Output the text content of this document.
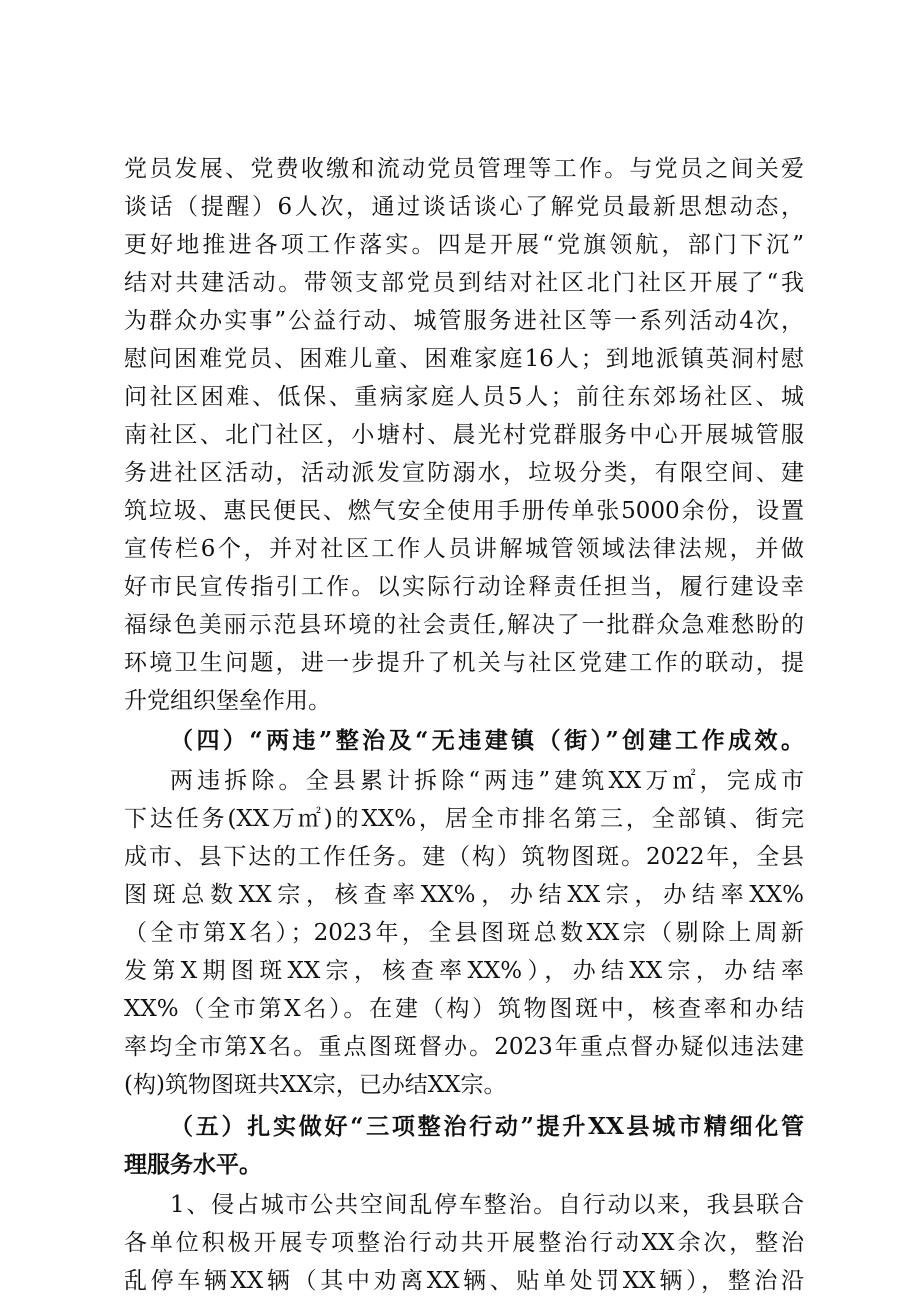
党员发展、党费收缴和流动党员管理等工作。与党员之间关爱
谈话（提醒）6人次，通过谈话谈心了解党员最新思想动态，
更好地推进各项工作落实。四是开展“党旗领航，部门下沉”
结对共建活动。带领支部党员到结对社区北门社区开展了“我
为群众办实事”公益行动、城管服务进社区等一系列活动4次，
慰问困难党员、困难儿童、困难家庭16人；到地派镇英洞村慰
问社区困难、低保、重病家庭人员5人；前往东郊场社区、城
南社区、北门社区，小塘村、晨光村党群服务中心开展城管服
务进社区活动，活动派发宣防溺水，垃圾分类，有限空间、建
筑垃圾、惠民便民、燃气安全使用手册传单张5000余份，设置
宣传栏6个，并对社区工作人员讲解城管领域法律法规，并做
好市民宣传指引工作。以实际行动诠释责任担当，履行建设幸
福绿色美丽示范县环境的社会责任,解决了一批群众急难愁盼的
环境卫生问题，进一步提升了机关与社区党建工作的联动，提
升党组织堡垒作用。
（四）“两违”整治及“无违建镇（街）”创建工作成效。
两违拆除。全县累计拆除“两违”建筑XX万㎡，完成市
下达任务(XX万㎡)的XX%，居全市排名第三，全部镇、街完
成市、县下达的工作任务。建（构）筑物图斑。2022年，全县
图斑总数XX宗，核查率XX%，办结XX宗，办结率XX%
（全市第X名）；2023年，全县图斑总数XX宗（剔除上周新
发第X期图斑XX宗，核查率XX%），办结XX宗，办结率
XX%（全市第X名）。在建（构）筑物图斑中，核查率和办结
率均全市第X名。重点图斑督办。2023年重点督办疑似违法建
(构)筑物图斑共XX宗，已办结XX宗。
（五）扎实做好“三项整治行动”提升XX县城市精细化管
理服务水平。
1、侵占城市公共空间乱停车整治。自行动以来，我县联合
各单位积极开展专项整治行动共开展整治行动XX余次，整治
乱停车辆XX辆（其中劝离XX辆、贴单处罚XX辆），整治沿
